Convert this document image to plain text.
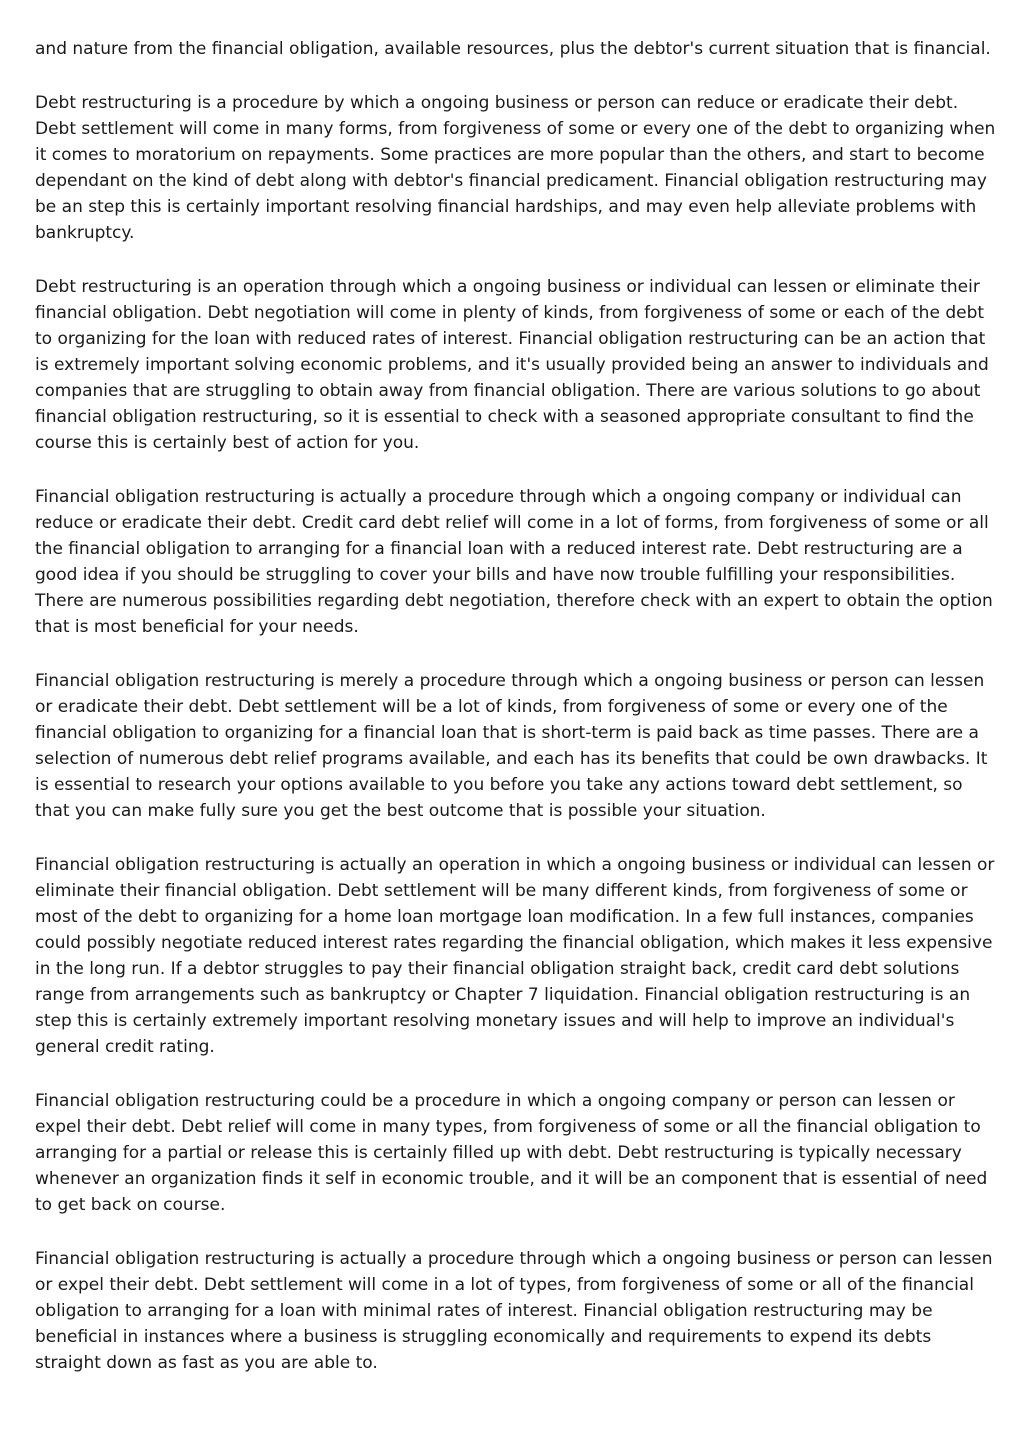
and nature from the financial obligation, available resources, plus the debtor's current situation that is financial.

Debt restructuring is a procedure by which a ongoing business or person can reduce or eradicate their debt. Debt settlement will come in many forms, from forgiveness of some or every one of the debt to organizing when it comes to moratorium on repayments. Some practices are more popular than the others, and start to become dependant on the kind of debt along with debtor's financial predicament. Financial obligation restructuring may be an step this is certainly important resolving financial hardships, and may even help alleviate problems with bankruptcy.

Debt restructuring is an operation through which a ongoing business or individual can lessen or eliminate their financial obligation. Debt negotiation will come in plenty of kinds, from forgiveness of some or each of the debt to organizing for the loan with reduced rates of interest. Financial obligation restructuring can be an action that is extremely important solving economic problems, and it's usually provided being an answer to individuals and companies that are struggling to obtain away from financial obligation. There are various solutions to go about financial obligation restructuring, so it is essential to check with a seasoned appropriate consultant to find the course this is certainly best of action for you.

Financial obligation restructuring is actually a procedure through which a ongoing company or individual can reduce or eradicate their debt. Credit card debt relief will come in a lot of forms, from forgiveness of some or all the financial obligation to arranging for a financial loan with a reduced interest rate. Debt restructuring are a good idea if you should be struggling to cover your bills and have now trouble fulfilling your responsibilities. There are numerous possibilities regarding debt negotiation, therefore check with an expert to obtain the option that is most beneficial for your needs.

Financial obligation restructuring is merely a procedure through which a ongoing business or person can lessen or eradicate their debt. Debt settlement will be a lot of kinds, from forgiveness of some or every one of the financial obligation to organizing for a financial loan that is short-term is paid back as time passes. There are a selection of numerous debt relief programs available, and each has its benefits that could be own drawbacks. It is essential to research your options available to you before you take any actions toward debt settlement, so that you can make fully sure you get the best outcome that is possible your situation.

Financial obligation restructuring is actually an operation in which a ongoing business or individual can lessen or eliminate their financial obligation. Debt settlement will be many different kinds, from forgiveness of some or most of the debt to organizing for a home loan mortgage loan modification. In a few full instances, companies could possibly negotiate reduced interest rates regarding the financial obligation, which makes it less expensive in the long run. If a debtor struggles to pay their financial obligation straight back, credit card debt solutions range from arrangements such as bankruptcy or Chapter 7 liquidation. Financial obligation restructuring is an step this is certainly extremely important resolving monetary issues and will help to improve an individual's general credit rating.

Financial obligation restructuring could be a procedure in which a ongoing company or person can lessen or expel their debt. Debt relief will come in many types, from forgiveness of some or all the financial obligation to arranging for a partial or release this is certainly filled up with debt. Debt restructuring is typically necessary whenever an organization finds it self in economic trouble, and it will be an component that is essential of need to get back on course.

Financial obligation restructuring is actually a procedure through which a ongoing business or person can lessen or expel their debt. Debt settlement will come in a lot of types, from forgiveness of some or all of the financial obligation to arranging for a loan with minimal rates of interest. Financial obligation restructuring may be beneficial in instances where a business is struggling economically and requirements to expend its debts straight down as fast as you are able to.
